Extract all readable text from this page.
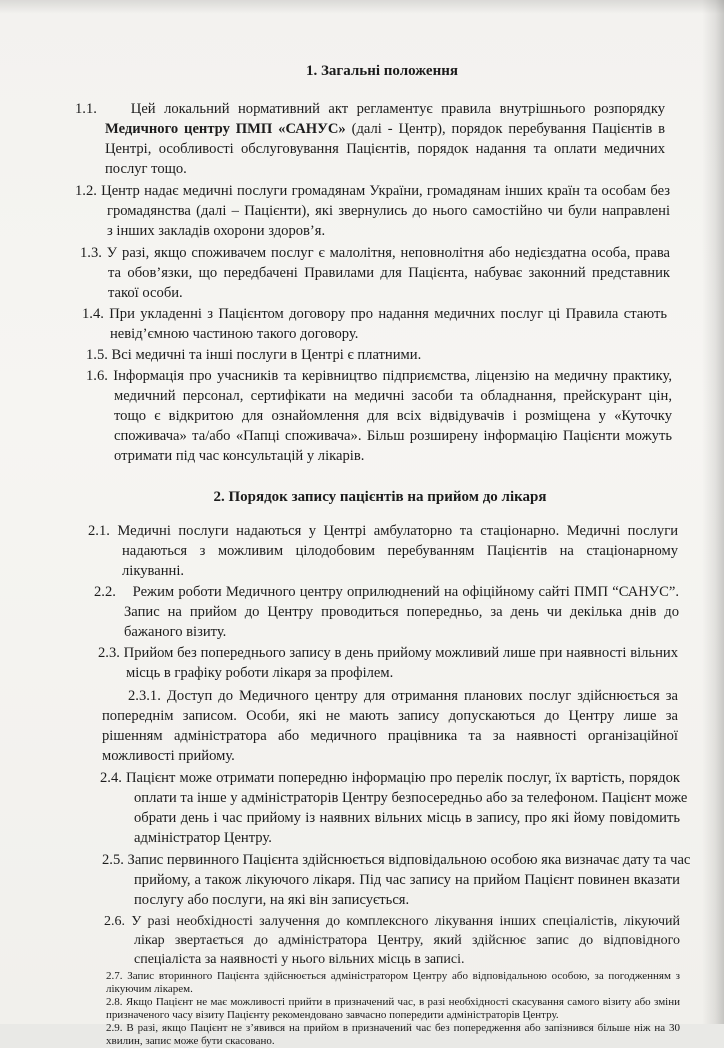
1. Загальні положення
1.1. Цей локальний нормативний акт регламентує правила внутрішнього розпорядку
Медичного центру ПМП «САНУС» (далі - Центр), порядок перебування Пацієнтів в
Центрі, особливості обслуговування Пацієнтів, порядок надання та оплати медичних
послуг тощо.
1.2. Центр надає медичні послуги громадянам України, громадянам інших країн та особам без
громадянства (далі – Пацієнти), які звернулись до нього самостійно чи були направлені
з інших закладів охорони здоров’я.
1.3. У разі, якщо споживачем послуг є малолітня, неповнолітня або недієздатна особа, права
та обов’язки, що передбачені Правилами для Пацієнта, набуває законний представник
такої особи.
1.4. При укладенні з Пацієнтом договору про надання медичних послуг ці Правила стають
невід’ємною частиною такого договору.
1.5. Всі медичні та інші послуги в Центрі є платними.
1.6. Інформація про учасників та керівництво підприємства, ліцензію на медичну практику,
медичний персонал, сертифікати на медичні засоби та обладнання, прейскурант цін,
тощо є відкритою для ознайомлення для всіх відвідувачів і розміщена у «Куточку
споживача» та/або «Папці споживача». Більш розширену інформацію Пацієнти можуть
отримати під час консультацій у лікарів.
2. Порядок запису пацієнтів на прийом до лікаря
2.1. Медичні послуги надаються у Центрі амбулаторно та стаціонарно. Медичні послуги
надаються з можливим цілодобовим перебуванням Пацієнтів на стаціонарному
лікуванні.
2.2. Режим роботи Медичного центру оприлюднений на офіційному сайті ПМП “САНУС”.
Запис на прийом до Центру проводиться попередньо, за день чи декілька днів до
бажаного візиту.
2.3. Прийом без попереднього запису в день прийому можливий лише при наявності вільних
місць в графіку роботи лікаря за профілем.
2.3.1. Доступ до Медичного центру для отримання планових послуг здійснюється за
попереднім записом. Особи, які не мають запису допускаються до Центру лише за
рішенням адміністратора або медичного працівника та за наявності організаційної
можливості прийому.
2.4. Пацієнт може отримати попередню інформацію про перелік послуг, їх вартість, порядок
оплати та інше у адміністраторів Центру безпосередньо або за телефоном. Пацієнт може
обрати день і час прийому із наявних вільних місць в запису, про які йому повідомить
адміністратор Центру.
2.5. Запис первинного Пацієнта здійснюється відповідальною особою яка визначає дату та час
прийому, а також лікуючого лікаря. Під час запису на прийом Пацієнт повинен вказати
послугу або послуги, на які він записується.
2.6. У разі необхідності залучення до комплексного лікування інших спеціалістів, лікуючий
лікар звертається до адміністратора Центру, який здійснює запис до відповідного
спеціаліста за наявності у нього вільних місць в записі.
2.7. Запис вторинного Пацієнта здійснюється адміністратором Центру або відповідальною особою, за погодженням з лікуючим лікарем.
2.8. Якщо Пацієнт не має можливості прийти в призначений час, в разі необхідності скасування самого візиту або зміни призначеного часу візиту Пацієнту рекомендовано завчасно попередити адміністраторів Центру.
2.9. В разі, якщо Пацієнт не з’явився на прийом в призначений час без попередження або запізнився більше ніж на 30 хвилин, запис може бути скасовано.
